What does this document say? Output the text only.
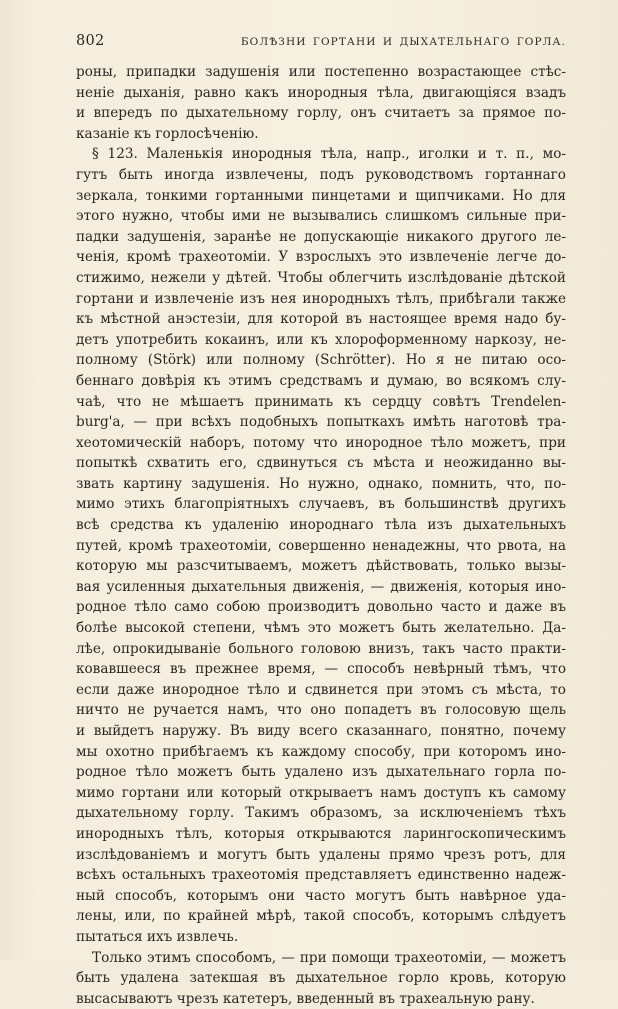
802	БОЛѢЗНИ ГОРТАНИ И ДЫХАТЕЛЬНАГО ГОРЛА.
роны, припадки задушенія или постепенно возрастающее стѣс-
неніе дыханія, равно какъ инородныя тѣла, двигающіяся взадъ
и впередъ по дыхательному горлу, онъ считаетъ за прямое по-
казаніе къ горлосѣченію.
§ 123. Маленькія инородныя тѣла, напр., иголки и т. п., мо-
гутъ быть иногда извлечены, подъ руководствомъ гортаннаго
зеркала, тонкими гортанными пинцетами и щипчиками. Но для
этого нужно, чтобы ими не вызывались слишкомъ сильные при-
падки задушенія, заранѣе не допускающіе никакого другого ле-
ченія, кромѣ трахеотоміи. У взрослыхъ это извлеченіе легче до-
стижимо, нежели у дѣтей. Чтобы облегчить изслѣдованіе дѣтской
гортани и извлеченіе изъ нея инородныхъ тѣлъ, прибѣгали также
къ мѣстной анэстезіи, для которой въ настоящее время надо бу-
детъ употребить кокаинъ, или къ хлороформенному наркозу, не-
полному (Störk) или полному (Schrötter). Но я не питаю осо-
беннаго довѣрія къ этимъ средствамъ и думаю, во всякомъ слу-
чаѣ, что не мѣшаетъ принимать къ сердцу совѣтъ Trendelen-
burg'а, — при всѣхъ подобныхъ попыткахъ имѣть наготовѣ тра-
хеотомическій наборъ, потому что инородное тѣло можетъ, при
попыткѣ схватить его, сдвинуться съ мѣста и неожиданно вы-
звать картину задушенія. Но нужно, однако, помнить, что, по-
мимо этихъ благопріятныхъ случаевъ, въ большинствѣ другихъ
всѣ средства къ удаленію инороднаго тѣла изъ дыхательныхъ
путей, кромѣ трахеотоміи, совершенно ненадежны, что рвота, на
которую мы разсчитываемъ, можетъ дѣйствовать, только вызы-
вая усиленныя дыхательныя движенія, — движенія, которыя ино-
родное тѣло само собою производитъ довольно часто и даже въ
болѣе высокой степени, чѣмъ это можетъ быть желательно. Да-
лѣе, опрокидываніе больного головою внизъ, такъ часто практи-
ковавшееся въ прежнее время, — способъ невѣрный тѣмъ, что
если даже инородное тѣло и сдвинется при этомъ съ мѣста, то
ничто не ручается намъ, что оно попадетъ въ голосовую щель
и выйдетъ наружу. Въ виду всего сказаннаго, понятно, почему
мы охотно прибѣгаемъ къ каждому способу, при которомъ ино-
родное тѣло можетъ быть удалено изъ дыхательнаго горла по-
мимо гортани или который открываетъ намъ доступъ къ самому
дыхательному горлу. Такимъ образомъ, за исключеніемъ тѣхъ
инородныхъ тѣлъ, которыя открываются ларингоскопическимъ
изслѣдованіемъ и могутъ быть удалены прямо чрезъ ротъ, для
всѣхъ остальныхъ трахеотомія представляетъ единственно надеж-
ный способъ, которымъ они часто могутъ быть навѣрное уда-
лены, или, по крайней мѣрѣ, такой способъ, которымъ слѣдуетъ
пытаться ихъ извлечь.
Только этимъ способомъ, — при помощи трахеотоміи, — можетъ
быть удалена затекшая въ дыхательное горло кровь, которую
высасываютъ чрезъ катетеръ, введенный въ трахеальную рану.
